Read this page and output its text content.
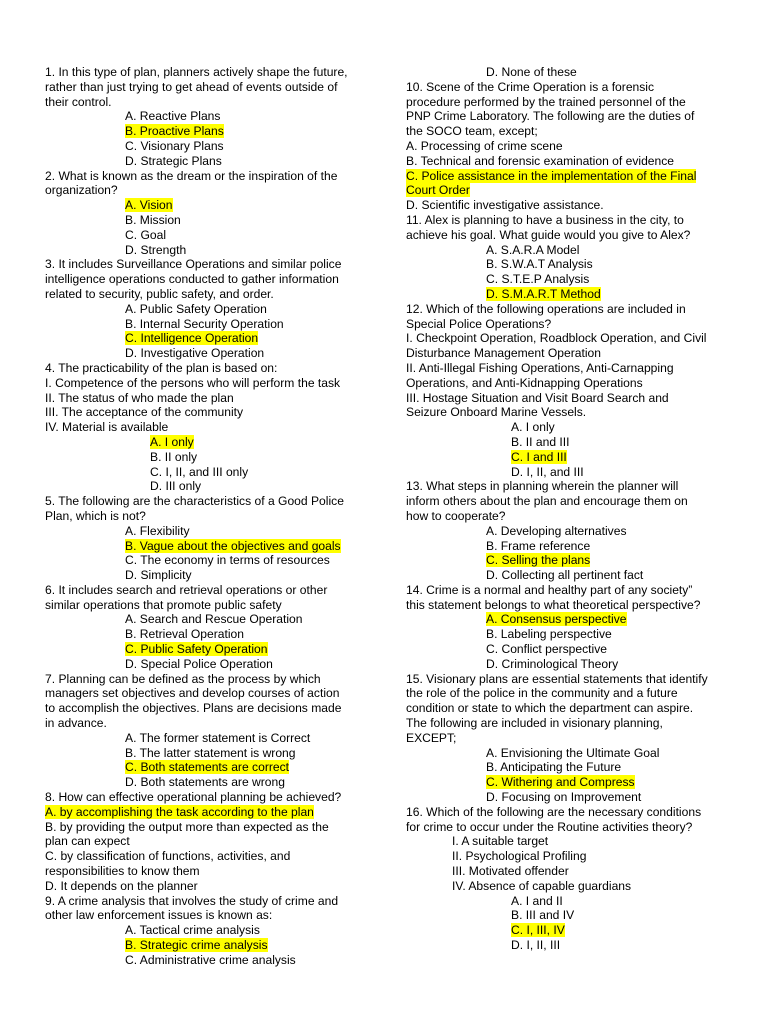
1. In this type of plan, planners actively shape the future,
rather than just trying to get ahead of events outside of
their control.
A. Reactive Plans
B. Proactive Plans
C. Visionary Plans
D. Strategic Plans
2. What is known as the dream or the inspiration of the
organization?
A. Vision
B. Mission
C. Goal
D. Strength
3. It includes Surveillance Operations and similar police
intelligence operations conducted to gather information
related to security, public safety, and order.
A. Public Safety Operation
B. Internal Security Operation
C. Intelligence Operation
D. Investigative Operation
4. The practicability of the plan is based on:
I. Competence of the persons who will perform the task
II. The status of who made the plan
III. The acceptance of the community
IV. Material is available
A. I only
B. II only
C. I, II, and III only
D. III only
5. The following are the characteristics of a Good Police
Plan, which is not?
A. Flexibility
B. Vague about the objectives and goals
C. The economy in terms of resources
D. Simplicity
6. It includes search and retrieval operations or other
similar operations that promote public safety
A. Search and Rescue Operation
B. Retrieval Operation
C. Public Safety Operation
D. Special Police Operation
7. Planning can be defined as the process by which
managers set objectives and develop courses of action
to accomplish the objectives. Plans are decisions made
in advance.
A. The former statement is Correct
B. The latter statement is wrong
C. Both statements are correct
D. Both statements are wrong
8. How can effective operational planning be achieved?
A. by accomplishing the task according to the plan
B. by providing the output more than expected as the
plan can expect
C. by classification of functions, activities, and
responsibilities to know them
D. It depends on the planner
9. A crime analysis that involves the study of crime and
other law enforcement issues is known as:
A. Tactical crime analysis
B. Strategic crime analysis
C. Administrative crime analysis
D. None of these
10. Scene of the Crime Operation is a forensic
procedure performed by the trained personnel of the
PNP Crime Laboratory. The following are the duties of
the SOCO team, except;
A. Processing of crime scene
B. Technical and forensic examination of evidence
C. Police assistance in the implementation of the Final
Court Order
D. Scientific investigative assistance.
11. Alex is planning to have a business in the city, to
achieve his goal. What guide would you give to Alex?
A. S.A.R.A Model
B. S.W.A.T Analysis
C. S.T.E.P Analysis
D. S.M.A.R.T Method
12. Which of the following operations are included in
Special Police Operations?
I. Checkpoint Operation, Roadblock Operation, and Civil
Disturbance Management Operation
II. Anti-Illegal Fishing Operations, Anti-Carnapping
Operations, and Anti-Kidnapping Operations
III. Hostage Situation and Visit Board Search and
Seizure Onboard Marine Vessels.
A. I only
B. II and III
C. I and III
D. I, II, and III
13. What steps in planning wherein the planner will
inform others about the plan and encourage them on
how to cooperate?
A. Developing alternatives
B. Frame reference
C. Selling the plans
D. Collecting all pertinent fact
14. Crime is a normal and healthy part of any society”
this statement belongs to what theoretical perspective?
A. Consensus perspective
B. Labeling perspective
C. Conflict perspective
D. Criminological Theory
15. Visionary plans are essential statements that identify
the role of the police in the community and a future
condition or state to which the department can aspire.
The following are included in visionary planning,
EXCEPT;
A. Envisioning the Ultimate Goal
B. Anticipating the Future
C. Withering and Compress
D. Focusing on Improvement
16. Which of the following are the necessary conditions
for crime to occur under the Routine activities theory?
I. A suitable target
II. Psychological Profiling
III. Motivated offender
IV. Absence of capable guardians
A. I and II
B. III and IV
C. I, III, IV
D. I, II, III
